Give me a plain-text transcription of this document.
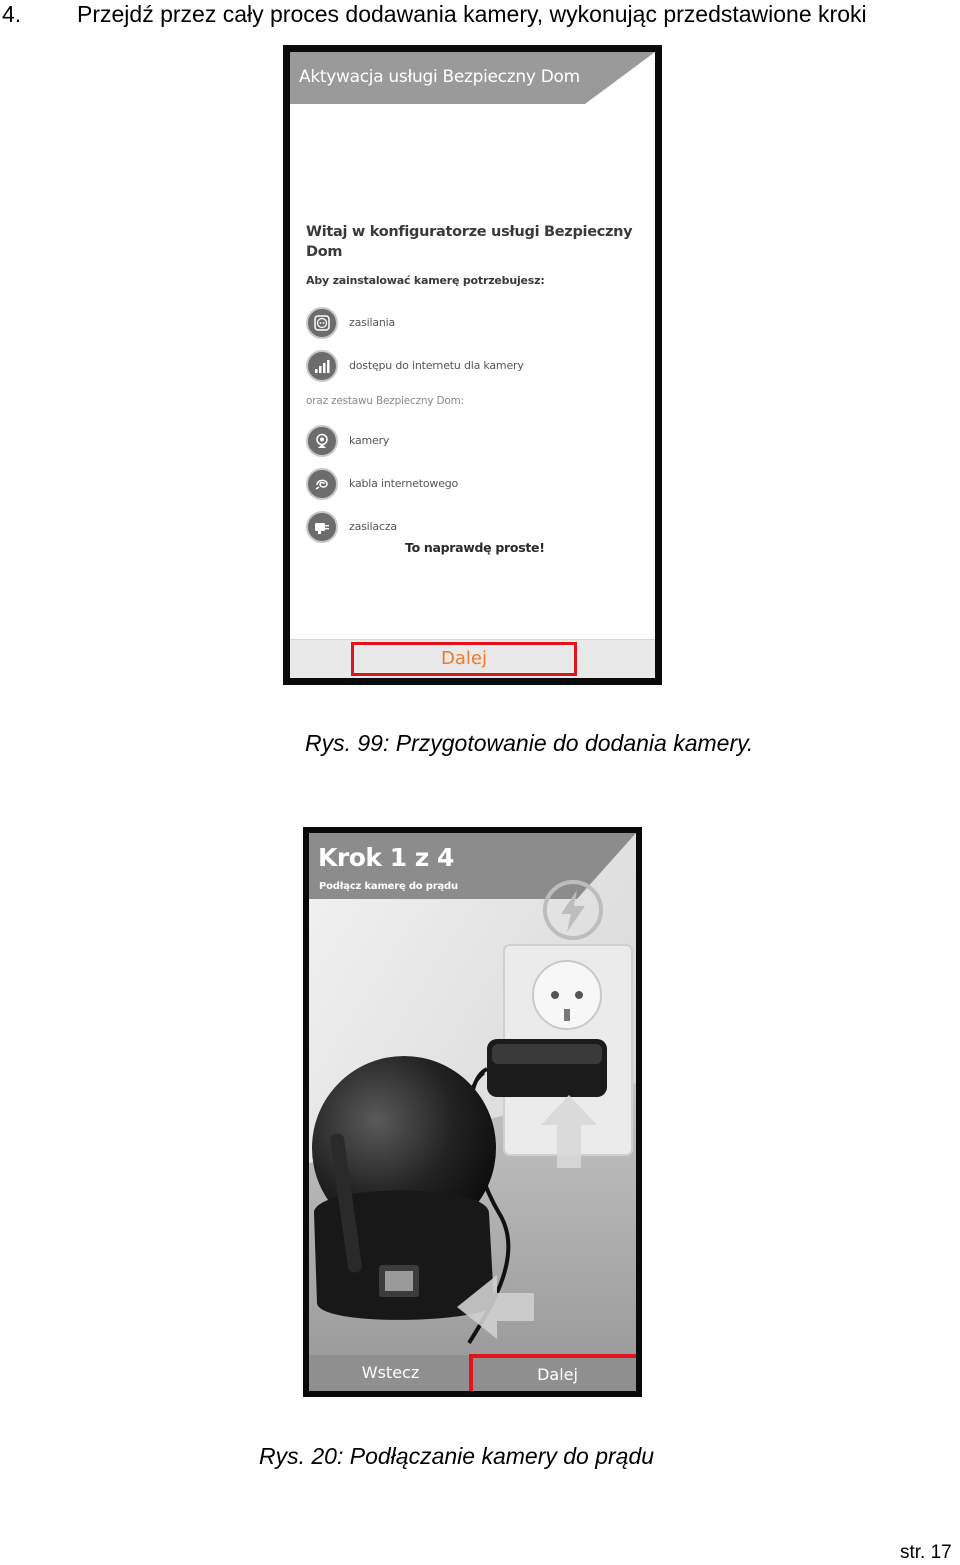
4. Przejdź przez cały proces dodawania kamery, wykonując przedstawione kroki
Aktywacja usługi Bezpieczny Dom
Witaj w konfiguratorze usługi Bezpieczny Dom
Aby zainstalować kamerę potrzebujesz:
zasilania
dostępu do internetu dla kamery
oraz zestawu Bezpieczny Dom:
kamery
kabla internetowego
zasilacza
To naprawdę proste!
Dalej
Rys. 99: Przygotowanie do dodania kamery.
Krok 1 z 4
Podłącz kamerę do prądu
Wstecz	Dalej
Rys. 20: Podłączanie kamery do prądu
str. 17
